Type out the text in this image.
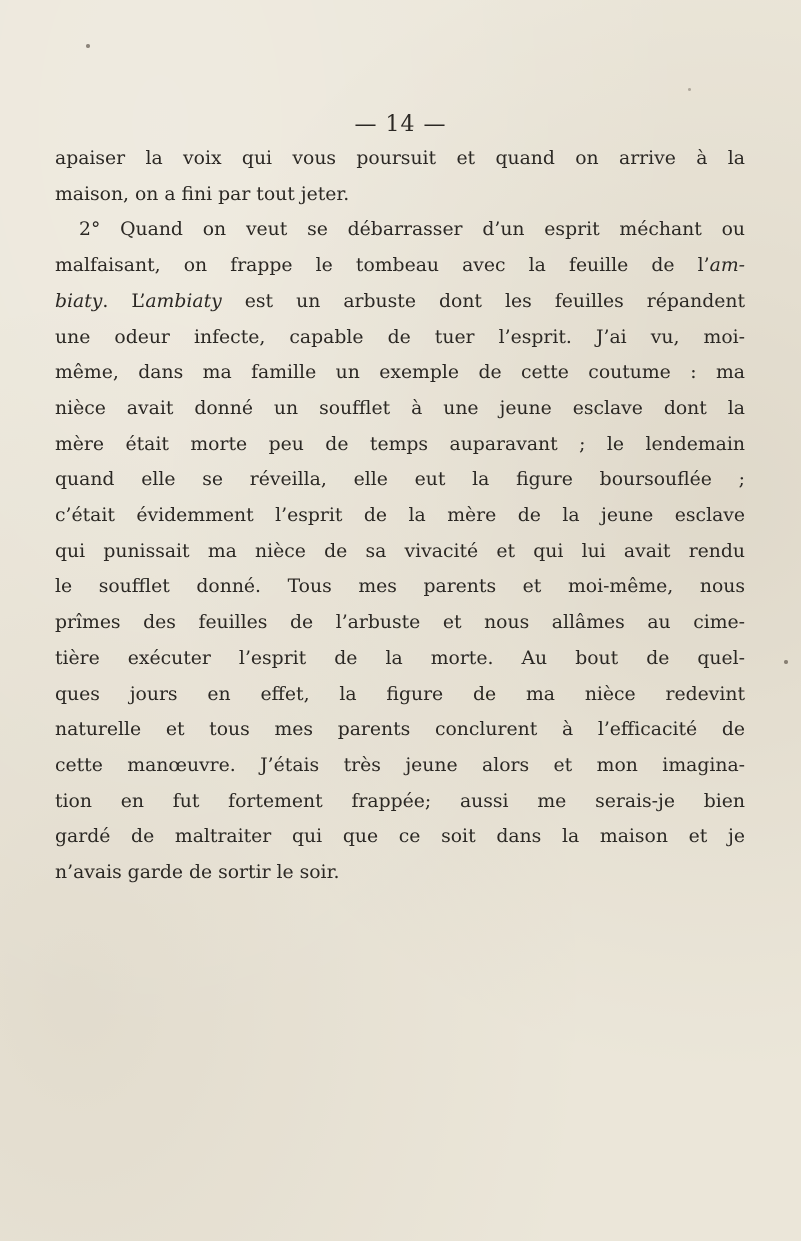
— 14 —

apaiser la voix qui vous poursuit et quand on arrive à la
maison, on a fini par tout jeter.
2° Quand on veut se débarrasser d’un esprit méchant ou
malfaisant, on frappe le tombeau avec la feuille de l’am-
biaty. L’ambiaty est un arbuste dont les feuilles répandent
une odeur infecte, capable de tuer l’esprit. J’ai vu, moi-
même, dans ma famille un exemple de cette coutume : ma
nièce avait donné un soufflet à une jeune esclave dont la
mère était morte peu de temps auparavant ; le lendemain
quand elle se réveilla, elle eut la figure boursouflée ;
c’était évidemment l’esprit de la mère de la jeune esclave
qui punissait ma nièce de sa vivacité et qui lui avait rendu
le soufflet donné. Tous mes parents et moi-même, nous
prîmes des feuilles de l’arbuste et nous allâmes au cime-
tière exécuter l’esprit de la morte. Au bout de quel-
ques jours en effet, la figure de ma nièce redevint
naturelle et tous mes parents conclurent à l’efficacité de
cette manœuvre. J’étais très jeune alors et mon imagina-
tion en fut fortement frappée; aussi me serais-je bien
gardé de maltraiter qui que ce soit dans la maison et je
n’avais garde de sortir le soir.
